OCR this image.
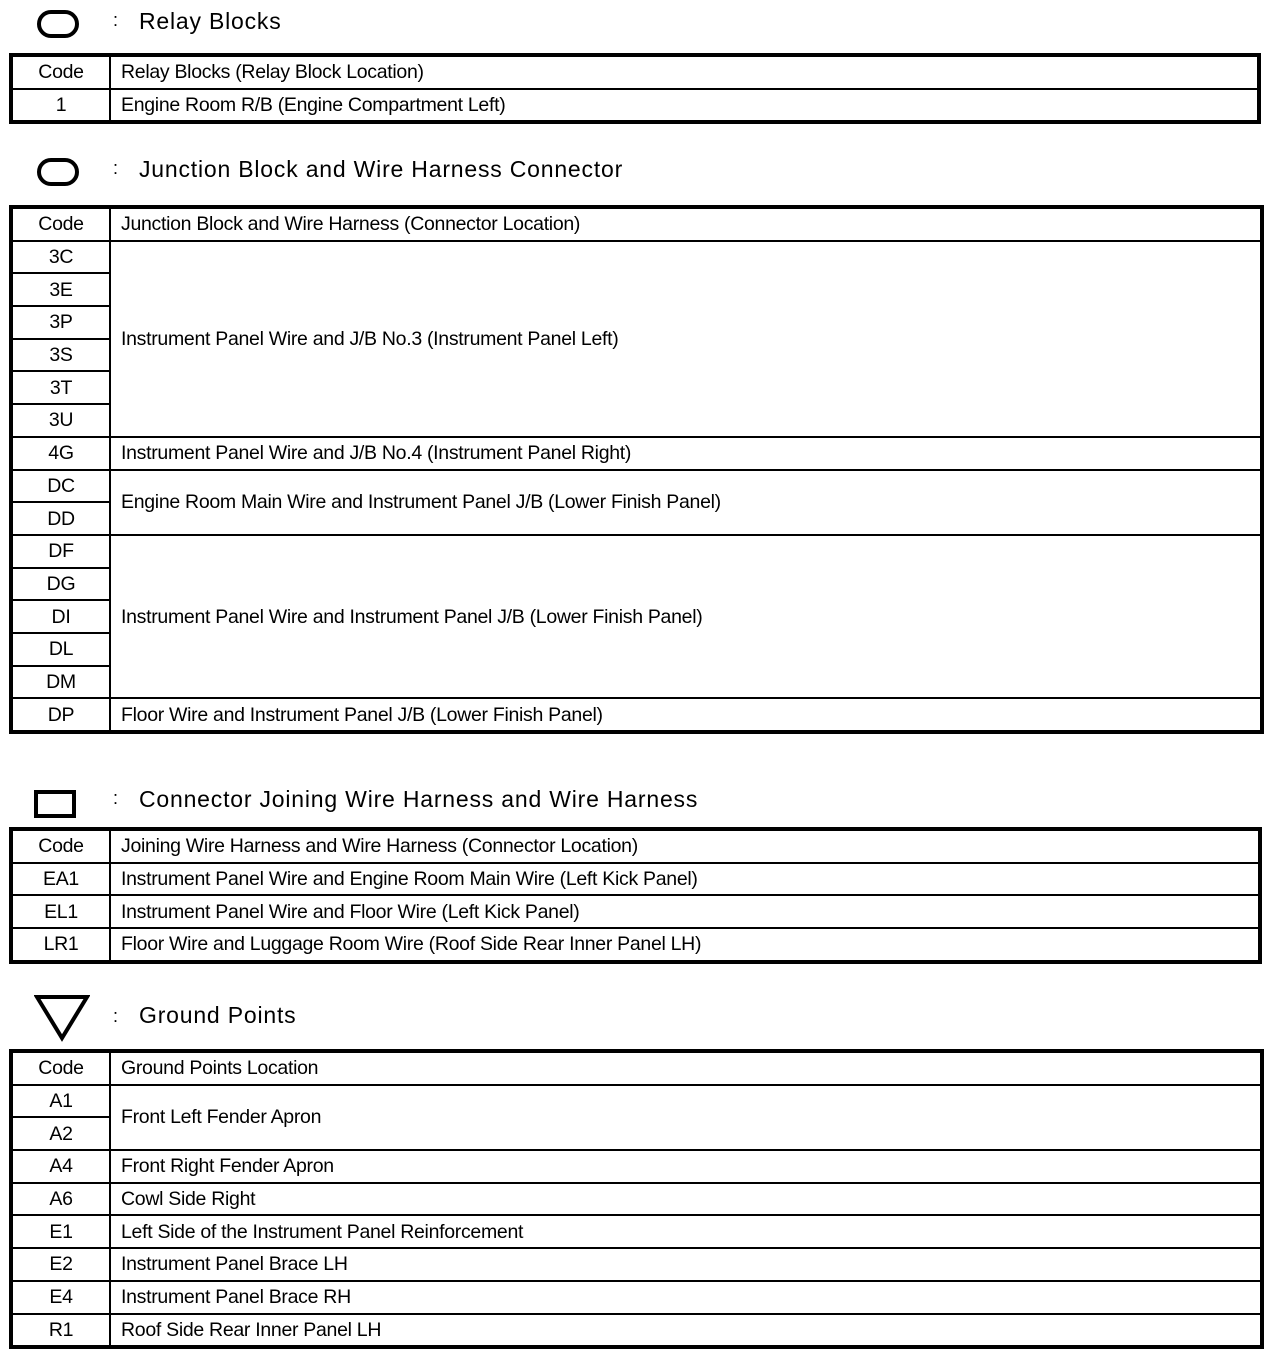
: Relay Blocks
Code	Relay Blocks (Relay Block Location)
1	Engine Room R/B (Engine Compartment Left)
: Junction Block and Wire Harness Connector
Code	Junction Block and Wire Harness (Connector Location)
3C	Instrument Panel Wire and J/B No.3 (Instrument Panel Left)
3E	
3P	
3S	
3T	
3U	
4G	Instrument Panel Wire and J/B No.4 (Instrument Panel Right)
DC	Engine Room Main Wire and Instrument Panel J/B (Lower Finish Panel)
DD	
DF	Instrument Panel Wire and Instrument Panel J/B (Lower Finish Panel)
DG	
DI	
DL	
DM	
DP	Floor Wire and Instrument Panel J/B (Lower Finish Panel)
: Connector Joining Wire Harness and Wire Harness
Code	Joining Wire Harness and Wire Harness (Connector Location)
EA1	Instrument Panel Wire and Engine Room Main Wire (Left Kick Panel)
EL1	Instrument Panel Wire and Floor Wire (Left Kick Panel)
LR1	Floor Wire and Luggage Room Wire (Roof Side Rear Inner Panel LH)
: Ground Points
Code	Ground Points Location
A1	Front Left Fender Apron
A2	
A4	Front Right Fender Apron
A6	Cowl Side Right
E1	Left Side of the Instrument Panel Reinforcement
E2	Instrument Panel Brace LH
E4	Instrument Panel Brace RH
R1	Roof Side Rear Inner Panel LH
